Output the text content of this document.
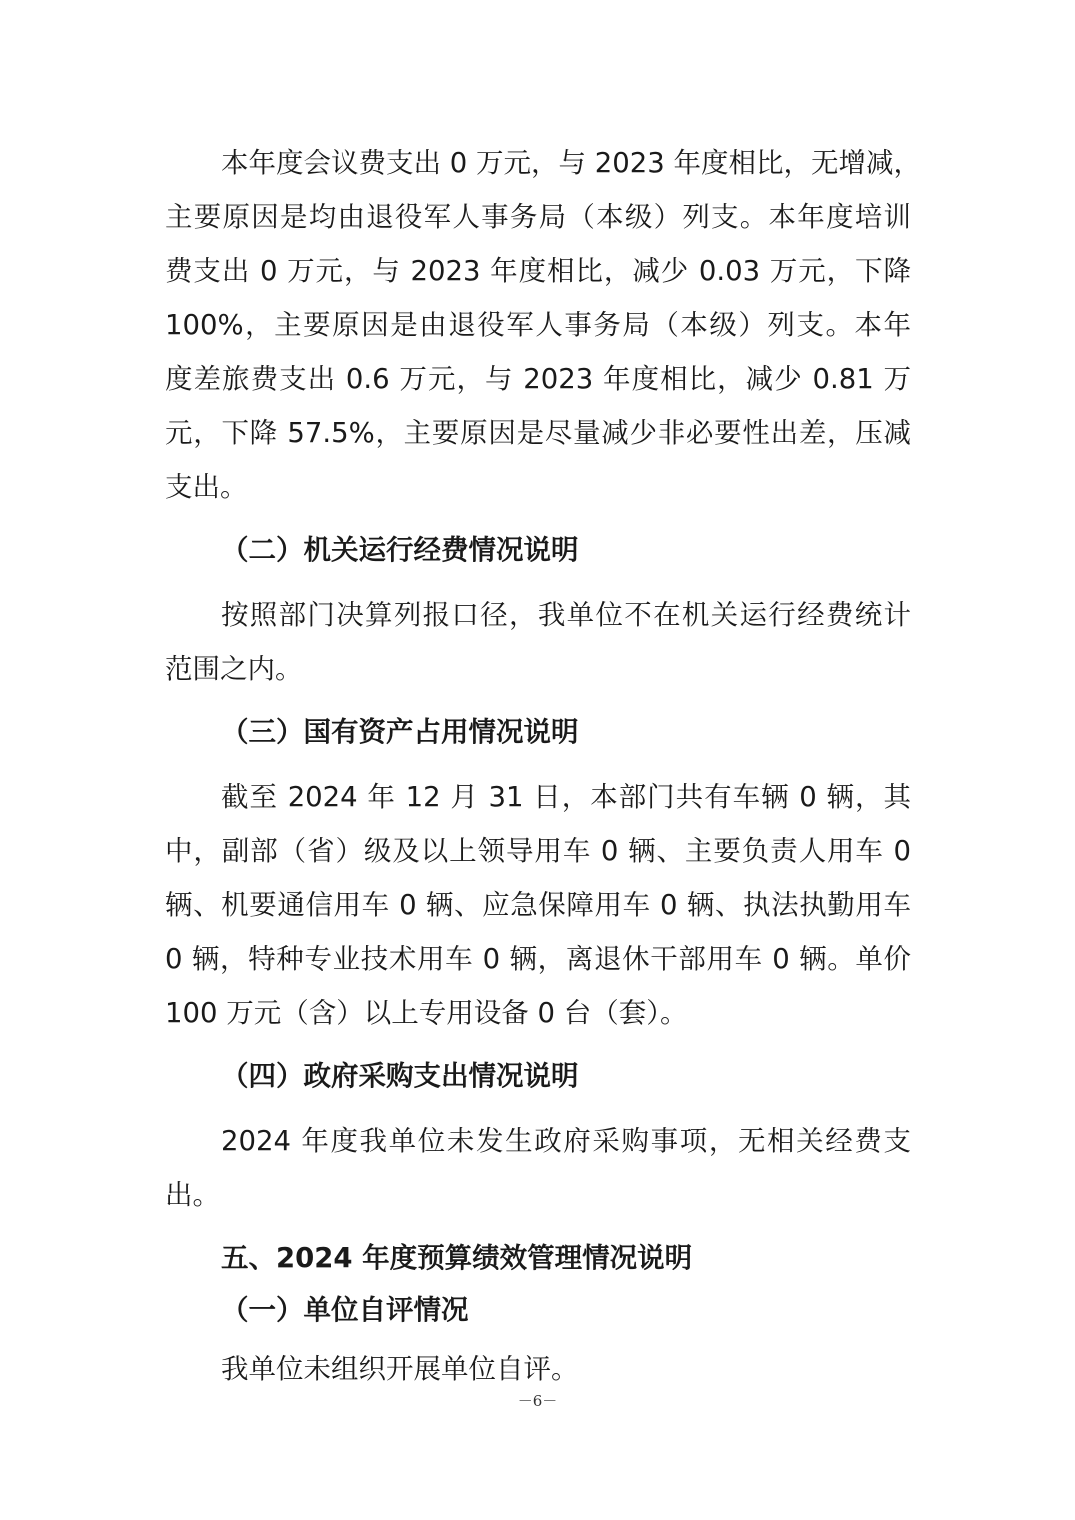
本年度会议费支出 0 万元，与 2023 年度相比，无增减，
主要原因是均由退役军人事务局（本级）列支。本年度培训
费支出 0 万元，与 2023 年度相比，减少 0.03 万元，下降
100%，主要原因是由退役军人事务局（本级）列支。本年
度差旅费支出 0.6 万元，与 2023 年度相比，减少 0.81 万
元，下降 57.5%，主要原因是尽量减少非必要性出差，压减
支出。
（二）机关运行经费情况说明
按照部门决算列报口径，我单位不在机关运行经费统计
范围之内。
（三）国有资产占用情况说明
截至 2024 年 12 月 31 日，本部门共有车辆 0 辆，其
中，副部（省）级及以上领导用车 0 辆、主要负责人用车 0
辆、机要通信用车 0 辆、应急保障用车 0 辆、执法执勤用车
0 辆，特种专业技术用车 0 辆，离退休干部用车 0 辆。单价
100 万元（含）以上专用设备 0 台（套）。
（四）政府采购支出情况说明
2024 年度我单位未发生政府采购事项，无相关经费支
出。
五、2024 年度预算绩效管理情况说明
（一）单位自评情况
我单位未组织开展单位自评。
－6－
